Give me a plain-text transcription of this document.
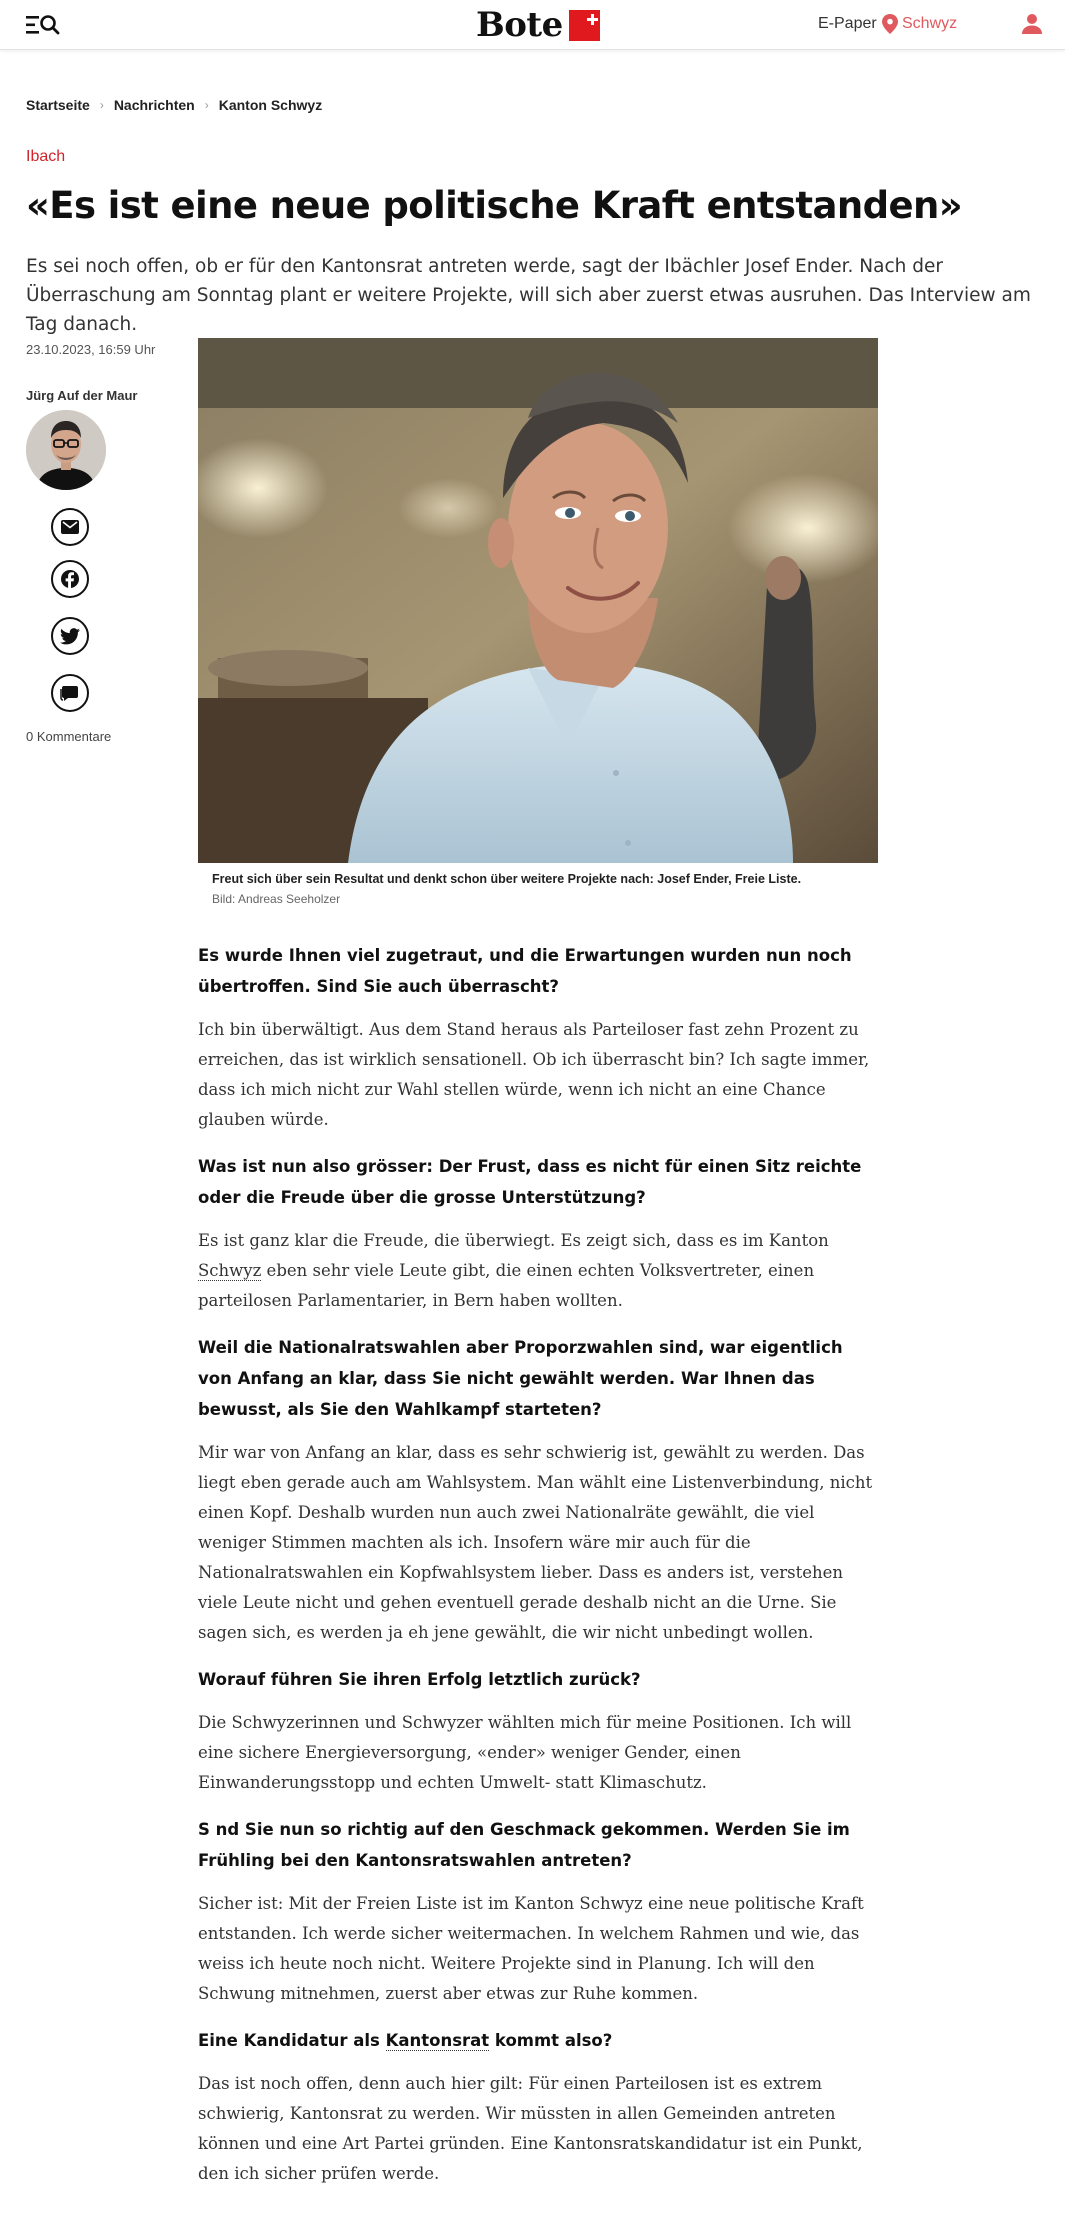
Bote	E-Paper Schwyz
Startseite › Nachrichten › Kanton Schwyz
Ibach
«Es ist eine neue politische Kraft entstanden»

Es sei noch offen, ob er für den Kantonsrat antreten werde, sagt der Ibächler Josef Ender. Nach der Überraschung am Sonntag plant er weitere Projekte, will sich aber zuerst etwas ausruhen. Das Interview am Tag danach.

23.10.2023, 16:59 Uhr
Jürg Auf der Maur
0 Kommentare
Freut sich über sein Resultat und denkt schon über weitere Projekte nach: Josef Ender, Freie Liste.
Bild: Andreas Seeholzer

Es wurde Ihnen viel zugetraut, und die Erwartungen wurden nun noch übertroffen. Sind Sie auch überrascht?

Ich bin überwältigt. Aus dem Stand heraus als Parteiloser fast zehn Prozent zu erreichen, das ist wirklich sensationell. Ob ich überrascht bin? Ich sagte immer, dass ich mich nicht zur Wahl stellen würde, wenn ich nicht an eine Chance glauben würde.

Was ist nun also grösser: Der Frust, dass es nicht für einen Sitz reichte oder die Freude über die grosse Unterstützung?

Es ist ganz klar die Freude, die überwiegt. Es zeigt sich, dass es im Kanton Schwyz eben sehr viele Leute gibt, die einen echten Volksvertreter, einen parteilosen Parlamentarier, in Bern haben wollten.

Weil die Nationalratswahlen aber Proporzwahlen sind, war eigentlich von Anfang an klar, dass Sie nicht gewählt werden. War Ihnen das bewusst, als Sie den Wahlkampf starteten?

Mir war von Anfang an klar, dass es sehr schwierig ist, gewählt zu werden. Das liegt eben gerade auch am Wahlsystem. Man wählt eine Listenverbindung, nicht einen Kopf. Deshalb wurden nun auch zwei Nationalräte gewählt, die viel weniger Stimmen machten als ich. Insofern wäre mir auch für die Nationalratswahlen ein Kopfwahlsystem lieber. Dass es anders ist, verstehen viele Leute nicht und gehen eventuell gerade deshalb nicht an die Urne. Sie sagen sich, es werden ja eh jene gewählt, die wir nicht unbedingt wollen.

Worauf führen Sie ihren Erfolg letztlich zurück?

Die Schwyzerinnen und Schwyzer wählten mich für meine Positionen. Ich will eine sichere Energieversorgung, «ender» weniger Gender, einen Einwanderungsstopp und echten Umwelt- statt Klimaschutz.

S nd Sie nun so richtig auf den Geschmack gekommen. Werden Sie im Frühling bei den Kantonsratswahlen antreten?

Sicher ist: Mit der Freien Liste ist im Kanton Schwyz eine neue politische Kraft entstanden. Ich werde sicher weitermachen. In welchem Rahmen und wie, das weiss ich heute noch nicht. Weitere Projekte sind in Planung. Ich will den Schwung mitnehmen, zuerst aber etwas zur Ruhe kommen.

Eine Kandidatur als Kantonsrat kommt also?

Das ist noch offen, denn auch hier gilt: Für einen Parteilosen ist es extrem schwierig, Kantonsrat zu werden. Wir müssten in allen Gemeinden antreten können und eine Art Partei gründen. Eine Kantonsratskandidatur ist ein Punkt, den ich sicher prüfen werde.
